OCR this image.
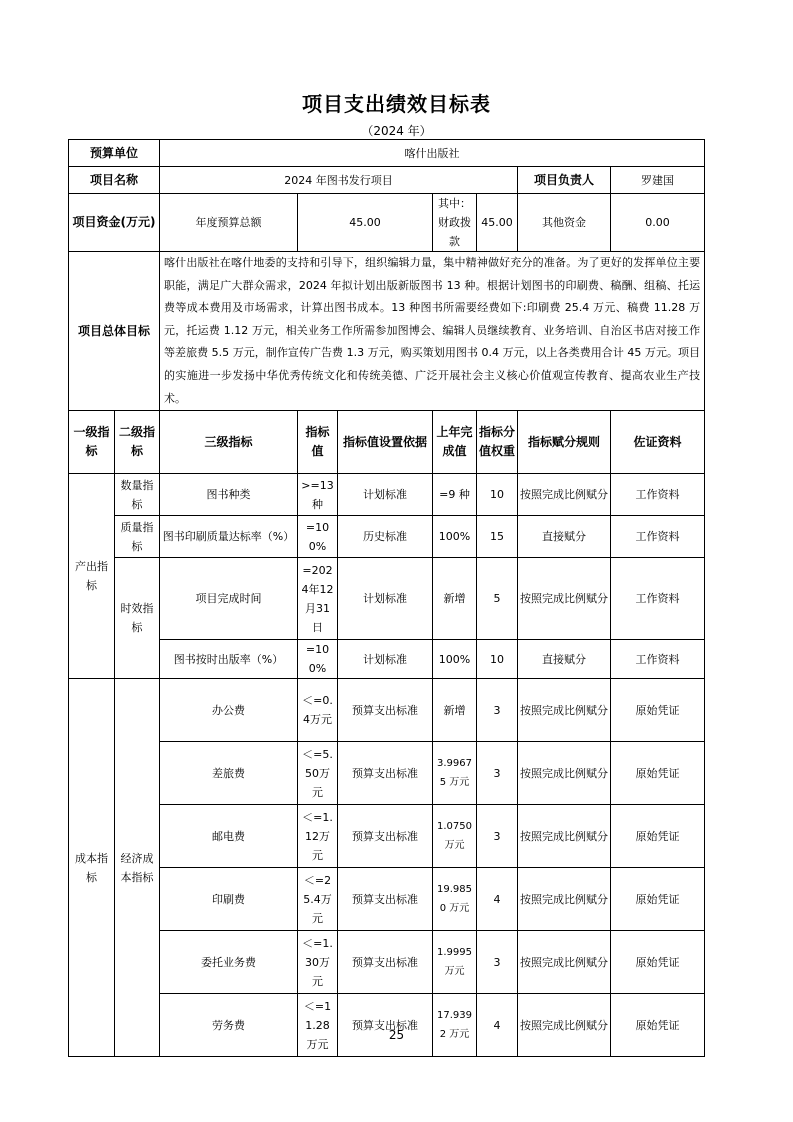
项目支出绩效目标表
（2024 年）
预算单位		喀什出版社						
项目名称		2024 年图书发行项目					项目负责人	罗建国
项目资金(万元)		年度预算总额	45.00		其中：财政拨款	45.00	其他资金	0.00
项目总体目标		喀什出版社在喀什地委的支持和引导下，组织编辑力量，集中精神做好充分的准备。为了更好的发挥单位主要职能，满足广大群众需求，2024 年拟计划出版新版图书 13 种。根据计划图书的印刷费、稿酬、组稿、托运费等成本费用及市场需求，计算出图书成本。13 种图书所需要经费如下:印刷费 25.4 万元、稿费 11.28 万元，托运费 1.12 万元，相关业务工作所需参加图博会、编辑人员继续教育、业务培训、自治区书店对接工作等差旅费 5.5 万元，制作宣传广告费 1.3 万元，购买策划用图书 0.4 万元，以上各类费用合计 45 万元。项目的实施进一步发扬中华优秀传统文化和传统美德、广泛开展社会主义核心价值观宣传教育、提高农业生产技术。						
一级指标	二级指标	三级指标	指标值	指标值设置依据	上年完成值	指标分值权重	指标赋分规则	佐证资料
产出指标	数量指标	图书种类	>=13种	计划标准	=9 种	10	按照完成比例赋分	工作资料
	质量指标	图书印刷质量达标率（%）	=100%	历史标准	100%	15	直接赋分	工作资料
	时效指标	项目完成时间	=2024年12月31日	计划标准	新增	5	按照完成比例赋分	工作资料
		图书按时出版率（%）	=100%	计划标准	100%	10	直接赋分	工作资料
成本指标	经济成本指标	办公费	＜=0.4万元	预算支出标准	新增	3	按照完成比例赋分	原始凭证
		差旅费	＜=5.50万元	预算支出标准	3.99675 万元	3	按照完成比例赋分	原始凭证
		邮电费	＜=1.12万元	预算支出标准	1.0750 万元	3	按照完成比例赋分	原始凭证
		印刷费	＜=25.4万元	预算支出标准	19.9850 万元	4	按照完成比例赋分	原始凭证
		委托业务费	＜=1.30万元	预算支出标准	1.9995 万元	3	按照完成比例赋分	原始凭证
		劳务费	＜=11.28万元	预算支出标准	17.9392 万元	4	按照完成比例赋分	原始凭证
25
